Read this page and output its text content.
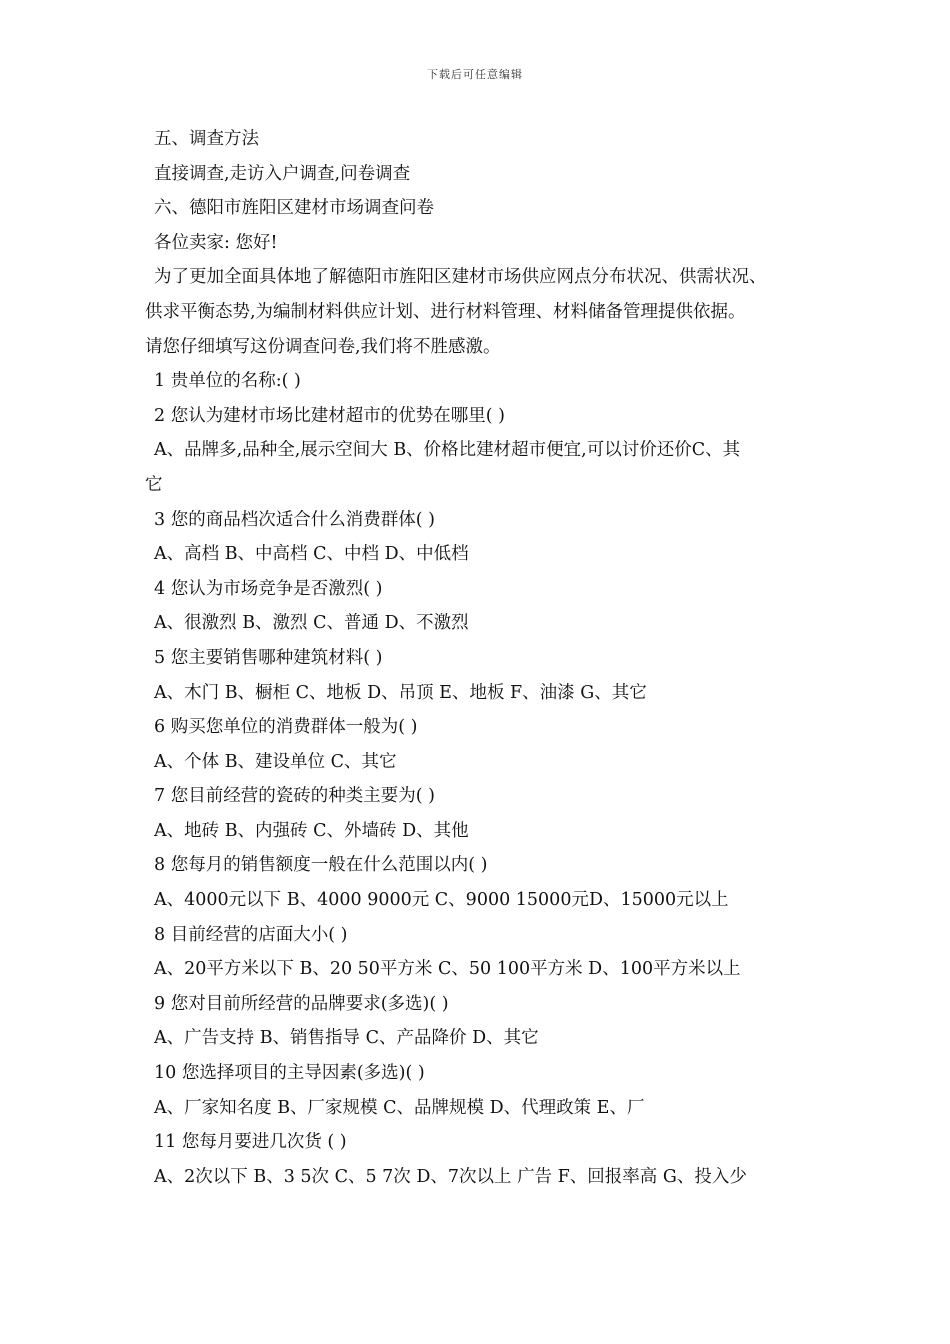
下载后可任意编辑
五、调查方法
直接调查,走访入户调查,问卷调查
六、德阳市旌阳区建材市场调查问卷
各位卖家: 您好!
为了更加全面具体地了解德阳市旌阳区建材市场供应网点分布状况、供需状况、
供求平衡态势,为编制材料供应计划、进行材料管理、材料储备管理提供依据。
请您仔细填写这份调查问卷,我们将不胜感激。
1 贵单位的名称:( )
2 您认为建材市场比建材超市的优势在哪里( )
A、品牌多,品种全,展示空间大 B、价格比建材超市便宜,可以讨价还价C、其
它
3 您的商品档次适合什么消费群体( )
A、高档 B、中高档 C、中档 D、中低档
4 您认为市场竞争是否激烈( )
A、很激烈 B、激烈 C、普通 D、不激烈
5 您主要销售哪种建筑材料( )
A、木门 B、橱柜 C、地板 D、吊顶 E、地板 F、油漆 G、其它
6 购买您单位的消费群体一般为( )
A、个体 B、建设单位 C、其它
7 您目前经营的瓷砖的种类主要为( )
A、地砖 B、内强砖 C、外墙砖 D、其他
8 您每月的销售额度一般在什么范围以内( )
A、4000元以下 B、4000 9000元 C、9000 15000元D、15000元以上
8 目前经营的店面大小( )
A、20平方米以下 B、20 50平方米 C、50 100平方米 D、100平方米以上
9 您对目前所经营的品牌要求(多选)( )
A、广告支持 B、销售指导 C、产品降价 D、其它
10 您选择项目的主导因素(多选)( )
A、厂家知名度 B、厂家规模 C、品牌规模 D、代理政策 E、厂
11 您每月要进几次货 ( )
A、2次以下 B、3 5次 C、5 7次 D、7次以上 广告 F、回报率高 G、投入少
